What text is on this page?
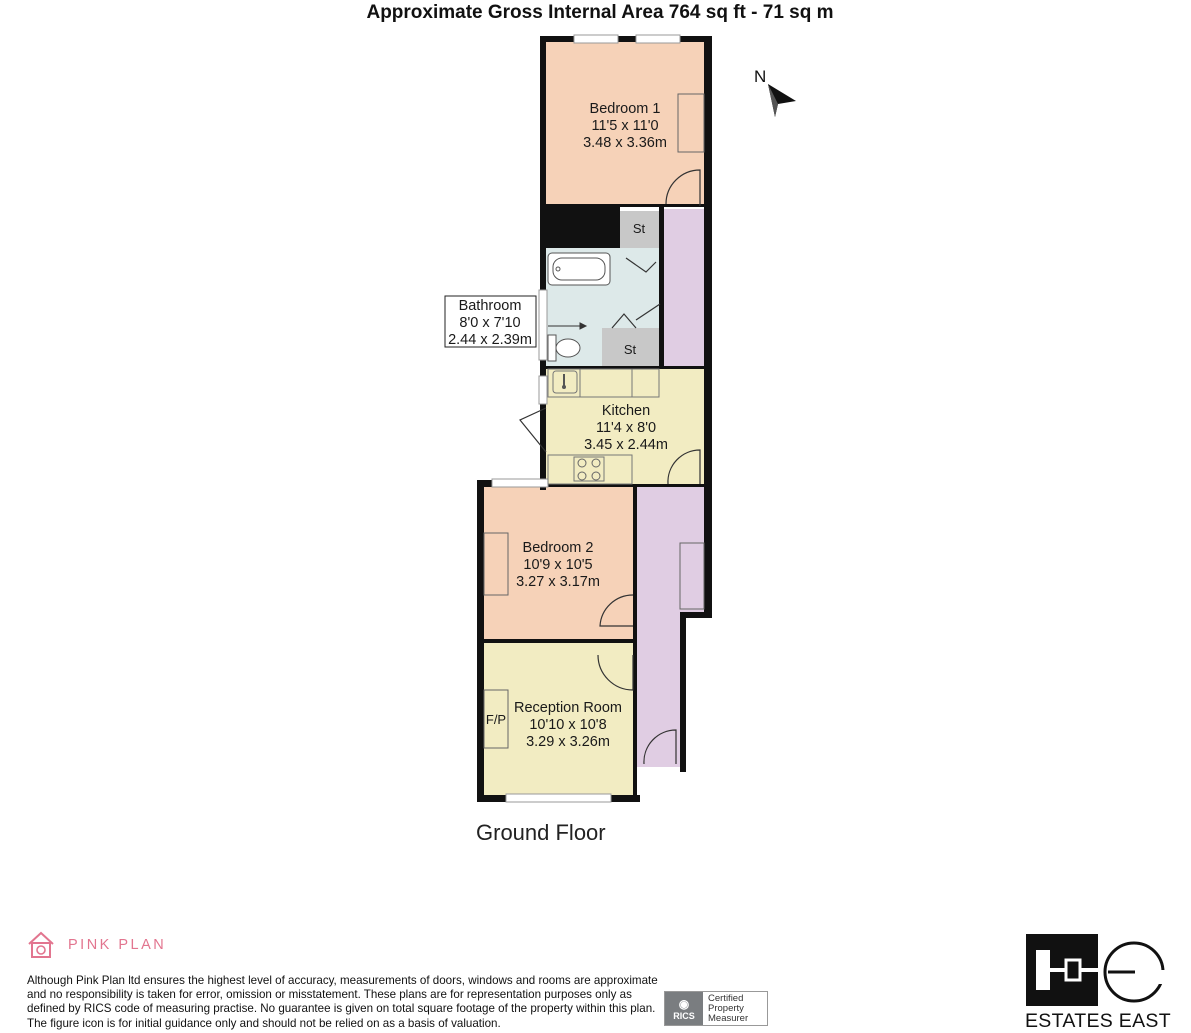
Approximate Gross Internal Area 764 sq ft - 71 sq m
Bedroom 1
11'5 x 11'0
3.48 x 3.36m
St
St
Kitchen
11'4 x 8'0
3.45 x 2.44m
Bedroom 2
10'9 x 10'5
3.27 x 3.17m
Reception Room
10'10 x 10'8
3.29 x 3.26m
F/P
Bathroom
8'0 x 7'10
2.44 x 2.39m
N
Ground Floor
PINK PLAN
Although Pink Plan ltd ensures the highest level of accuracy, measurements of doors, windows and rooms are approximate and no responsibility is taken for error, omission or misstatement. These plans are for representation purposes only as defined by RICS code of measuring practise. No guarantee is given on total square footage of the property within this plan. The figure icon is for initial guidance only and should not be relied on as a basis of valuation.
◉
RICS
Certified
Property
Measurer	ESTATES EAST
